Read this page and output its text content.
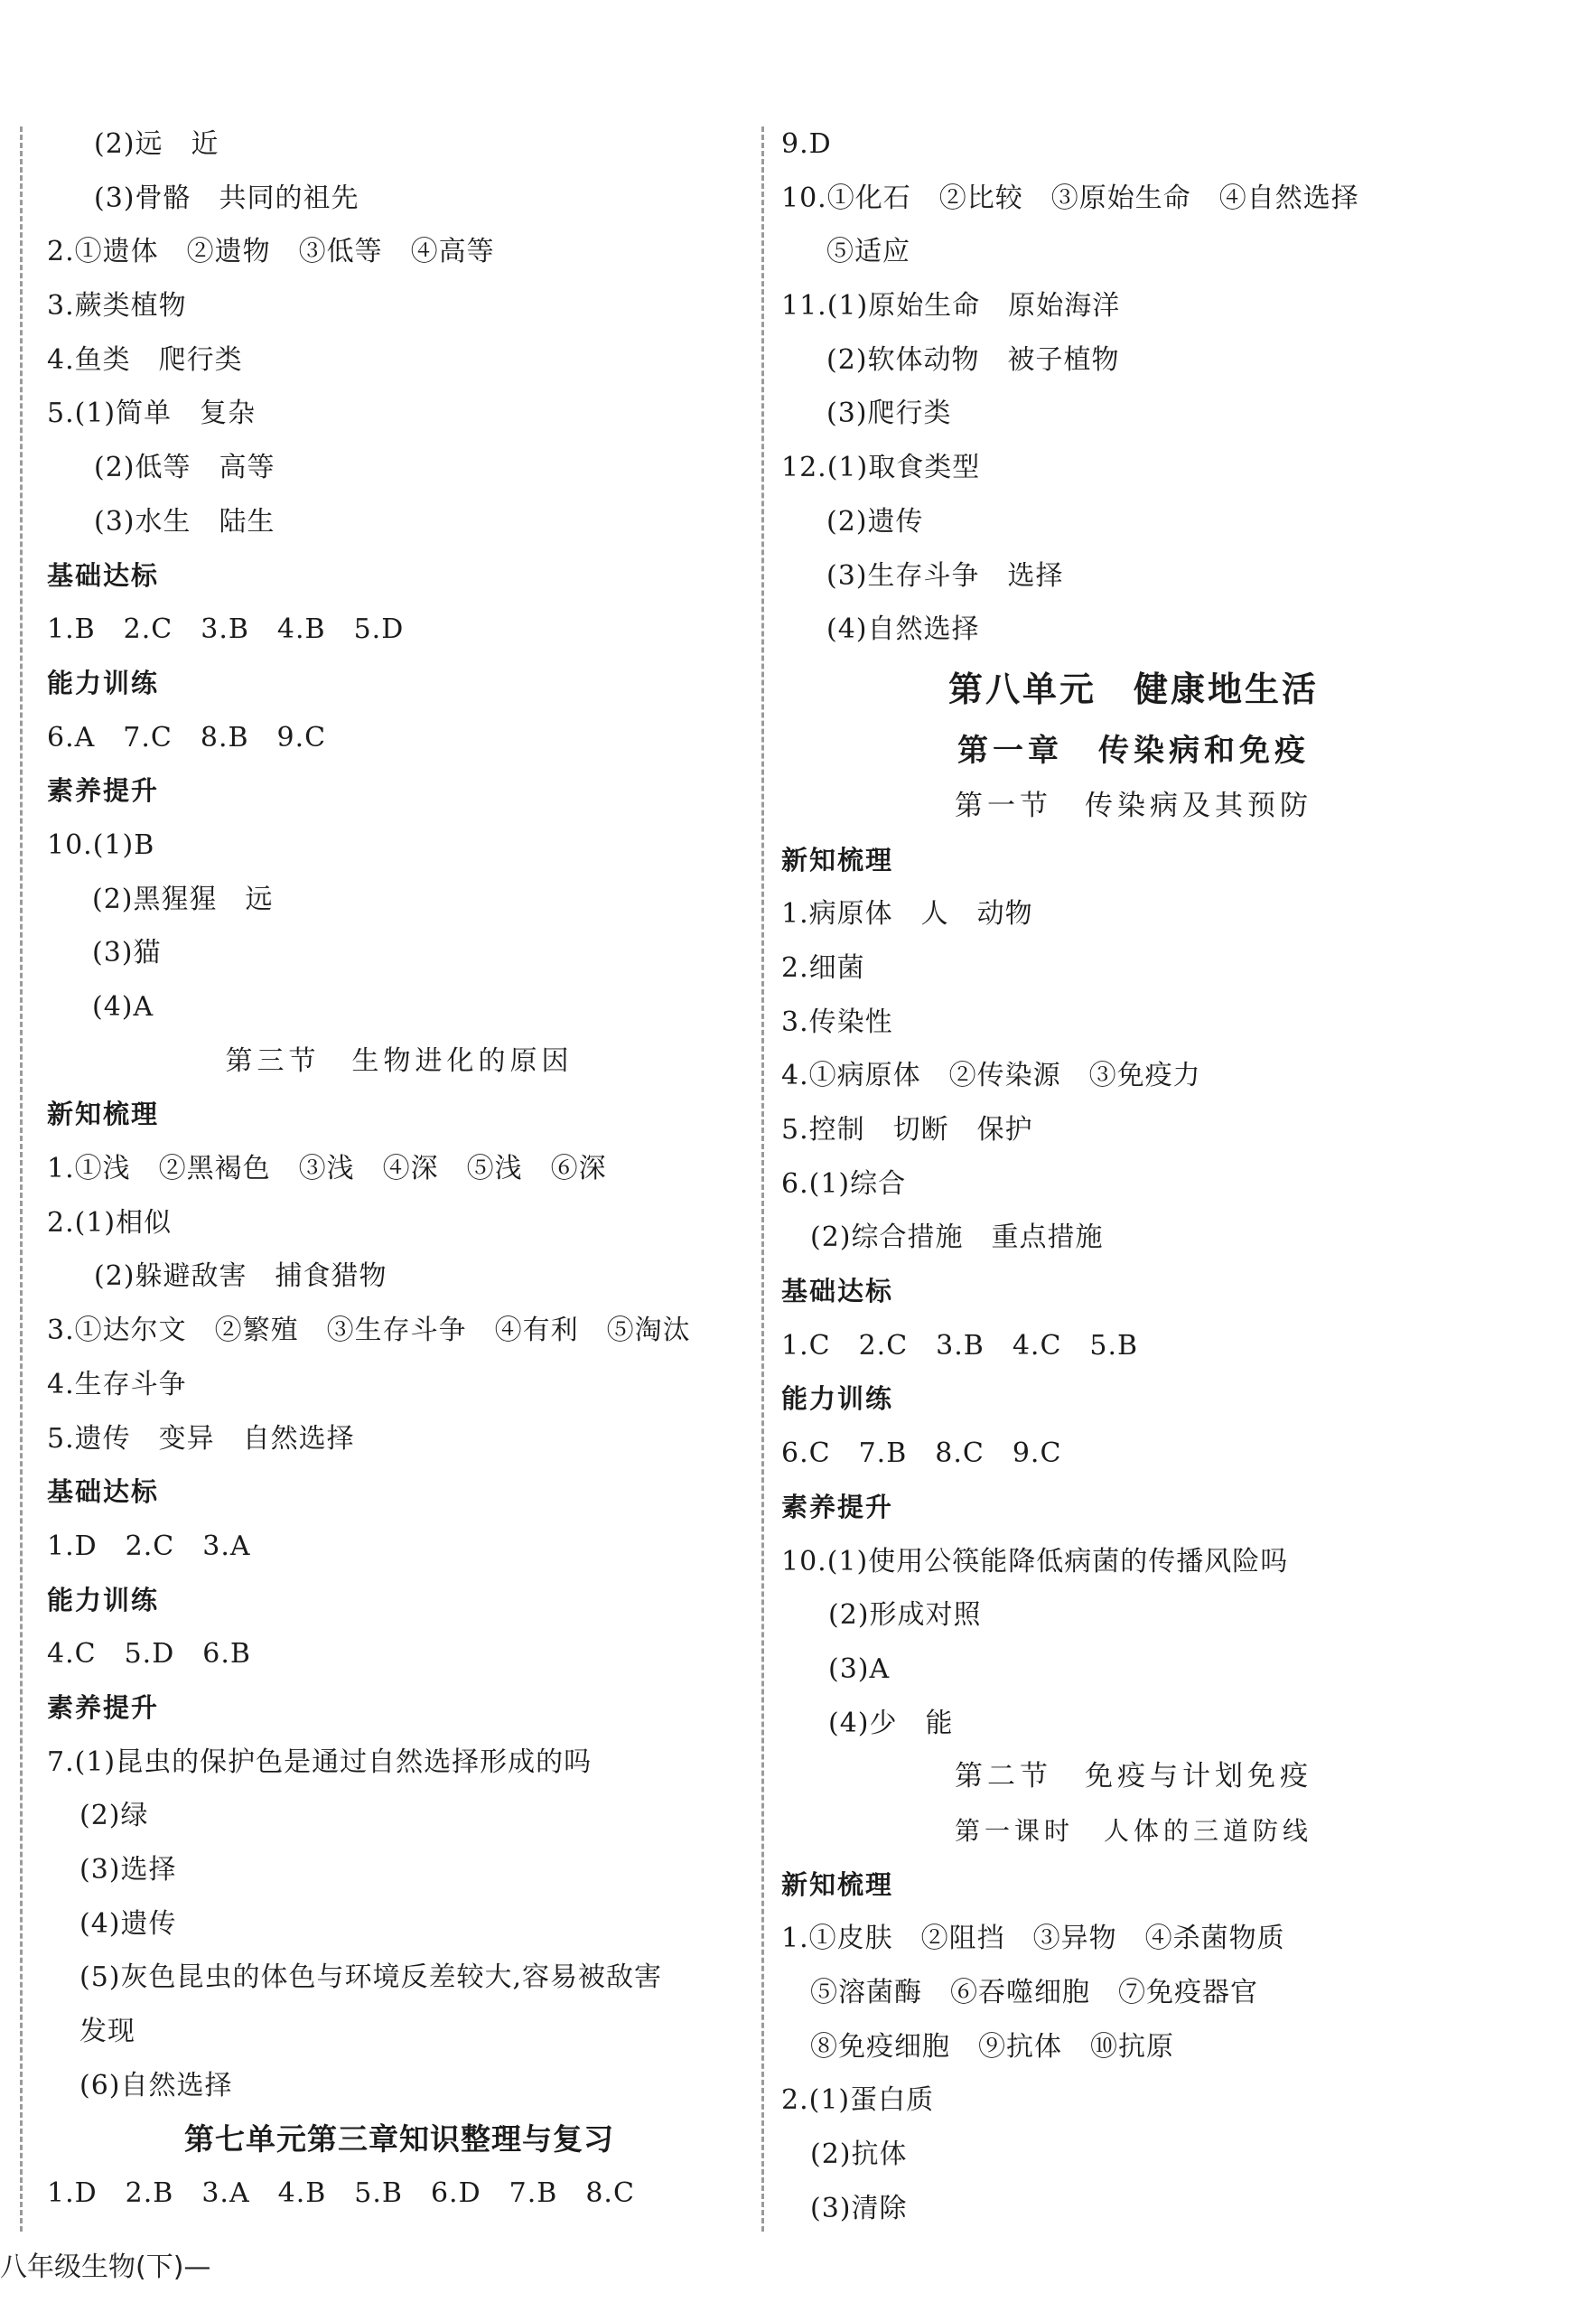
(2)远　近
(3)骨骼　共同的祖先
2.①遗体　②遗物　③低等　④高等
3.蕨类植物
4.鱼类　爬行类
5.(1)简单　复杂
(2)低等　高等
(3)水生　陆生
基础达标
1.B　2.C　3.B　4.B　5.D
能力训练
6.A　7.C　8.B　9.C
素养提升
10.(1)B
(2)黑猩猩　远
(3)猫
(4)A
第三节　生物进化的原因
新知梳理
1.①浅　②黑褐色　③浅　④深　⑤浅　⑥深
2.(1)相似
(2)躲避敌害　捕食猎物
3.①达尔文　②繁殖　③生存斗争　④有利　⑤淘汰
4.生存斗争
5.遗传　变异　自然选择
基础达标
1.D　2.C　3.A
能力训练
4.C　5.D　6.B
素养提升
7.(1)昆虫的保护色是通过自然选择形成的吗
(2)绿
(3)选择
(4)遗传
(5)灰色昆虫的体色与环境反差较大,容易被敌害
发现
(6)自然选择
第七单元第三章知识整理与复习
1.D　2.B　3.A　4.B　5.B　6.D　7.B　8.C
9.D
10.①化石　②比较　③原始生命　④自然选择
⑤适应
11.(1)原始生命　原始海洋
(2)软体动物　被子植物
(3)爬行类
12.(1)取食类型
(2)遗传
(3)生存斗争　选择
(4)自然选择
第八单元　健康地生活
第一章　传染病和免疫
第一节　传染病及其预防
新知梳理
1.病原体　人　动物
2.细菌
3.传染性
4.①病原体　②传染源　③免疫力
5.控制　切断　保护
6.(1)综合
(2)综合措施　重点措施
基础达标
1.C　2.C　3.B　4.C　5.B
能力训练
6.C　7.B　8.C　9.C
素养提升
10.(1)使用公筷能降低病菌的传播风险吗
(2)形成对照
(3)A
(4)少　能
第二节　免疫与计划免疫
第一课时　人体的三道防线
新知梳理
1.①皮肤　②阻挡　③异物　④杀菌物质
⑤溶菌酶　⑥吞噬细胞　⑦免疫器官
⑧免疫细胞　⑨抗体　⑩抗原
2.(1)蛋白质
(2)抗体
(3)清除
八年级生物(下)—
